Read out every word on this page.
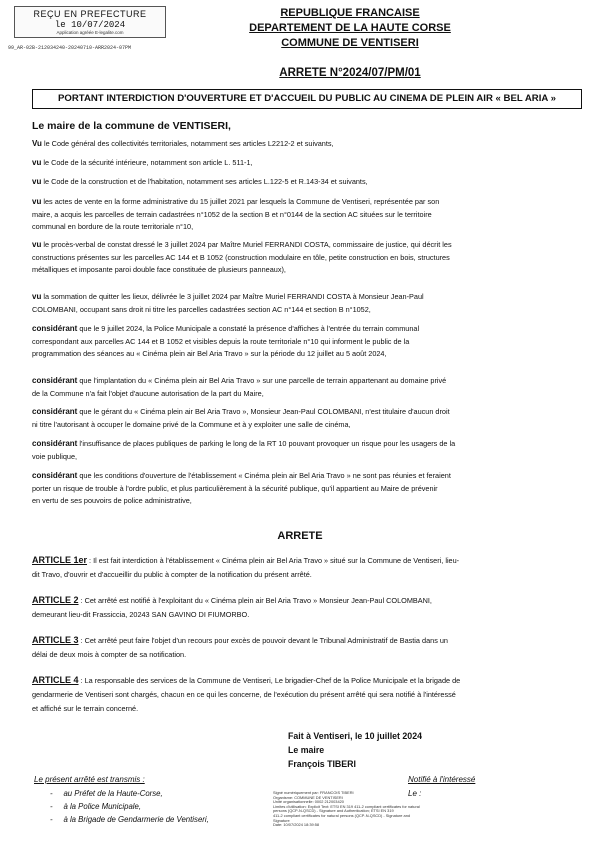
REÇU EN PREFECTURE
le 10/07/2024
Application agréée E-legalite.com
99_AR-02B-212034240-20240710-ARR2024-07PM
REPUBLIQUE FRANCAISE
DEPARTEMENT DE LA HAUTE CORSE
COMMUNE DE VENTISERI
ARRETE N°2024/07/PM/01
PORTANT INTERDICTION D'OUVERTURE ET D'ACCUEIL DU PUBLIC AU CINEMA DE PLEIN AIR « BEL ARIA »
Le maire de la commune de VENTISERI,
Vu le Code général des collectivités territoriales, notamment ses articles L2212-2 et suivants,
vu le Code de la sécurité intérieure, notamment son article L. 511-1,
vu le Code de la construction et de l'habitation, notamment ses articles L.122-5 et R.143-34 et suivants,
vu les actes de vente en la forme administrative du 15 juillet 2021 par lesquels la Commune de Ventiseri, représentée par son
maire, a acquis les parcelles de terrain cadastrées n°1052 de la section B et n°0144 de la section AC situées sur le territoire
communal en bordure de la route territoriale n°10,
vu le procès-verbal de constat dressé le 3 juillet 2024 par Maître Muriel FERRANDI COSTA, commissaire de justice, qui décrit les
constructions présentes sur les parcelles AC 144 et B 1052 (construction modulaire en tôle, petite construction en bois, structures
métalliques et imposante paroi double face constituée de plusieurs panneaux),
vu la sommation de quitter les lieux, délivrée le 3 juillet 2024 par Maître Muriel FERRANDI COSTA à Monsieur Jean-Paul
COLOMBANI, occupant sans droit ni titre les parcelles cadastrées section AC n°144 et section B n°1052,
considérant que le 9 juillet 2024, la Police Municipale a constaté la présence d'affiches à l'entrée du terrain communal
correspondant aux parcelles AC 144 et B 1052 et visibles depuis la route territoriale n°10 qui informent le public de la
programmation des séances au « Cinéma plein air Bel Aria Travo » sur la période du 12 juillet au 5 août 2024,
considérant que l'implantation du « Cinéma plein air Bel Aria Travo » sur une parcelle de terrain appartenant au domaine privé
de la Commune n'a fait l'objet d'aucune autorisation de la part du Maire,
considérant que le gérant du « Cinéma plein air Bel Aria Travo », Monsieur Jean-Paul COLOMBANI, n'est titulaire d'aucun droit
ni titre l'autorisant à occuper le domaine privé de la Commune et à y exploiter une salle de cinéma,
considérant l'insuffisance de places publiques de parking le long de la RT 10 pouvant provoquer un risque pour les usagers de la
voie publique,
considérant que les conditions d'ouverture de l'établissement « Cinéma plein air Bel Aria Travo » ne sont pas réunies et feraient
porter un risque de trouble à l'ordre public, et plus particulièrement à la sécurité publique, qu'il appartient au Maire de prévenir
en vertu de ses pouvoirs de police administrative,
ARRETE
ARTICLE 1er : Il est fait interdiction à l'établissement « Cinéma plein air Bel Aria Travo » situé sur la Commune de Ventiseri, lieu-
dit Travo, d'ouvrir et d'accueillir du public à compter de la notification du présent arrêté.
ARTICLE 2 : Cet arrêté est notifié à l'exploitant du « Cinéma plein air Bel Aria Travo » Monsieur Jean-Paul COLOMBANI,
demeurant lieu-dit Frassiccia, 20243 SAN GAVINO DI FIUMORBO.
ARTICLE 3 : Cet arrêté peut faire l'objet d'un recours pour excès de pouvoir devant le Tribunal Administratif de Bastia dans un
délai de deux mois à compter de sa notification.
ARTICLE 4 : La responsable des services de la Commune de Ventiseri, Le brigadier-Chef de la Police Municipale et la brigade de
gendarmerie de Ventiseri sont chargés, chacun en ce qui les concerne, de l'exécution du présent arrêté qui sera notifié à l'intéressé
et affiché sur le terrain concerné.
Fait à Ventiseri, le 10 juillet 2024
Le maire
François TIBERI
Le présent arrêté est transmis :
-     au Préfet de la Haute-Corse,
-     à la Police Municipale,
-     à la Brigade de Gendarmerie de Ventiseri,
Signé numériquement par: FRANCOIS TIBERI
Organisme: COMMUNE DE VENTISERI
Unité organisationnelle: 0002 212003420
Limites d'utilisation: Explicit Text: ETSI EN 319 411-2 compliant certificates for natural
persons (QCP-N-QSCD) - Signature and Authentication; ETSI EN 319
411-2 compliant certificates for natural persons (QCP-N-QSCD) - Signature and
Signature
Date: 10/07/2024 18:39:58
Notifié à l'intéressé
Le :
